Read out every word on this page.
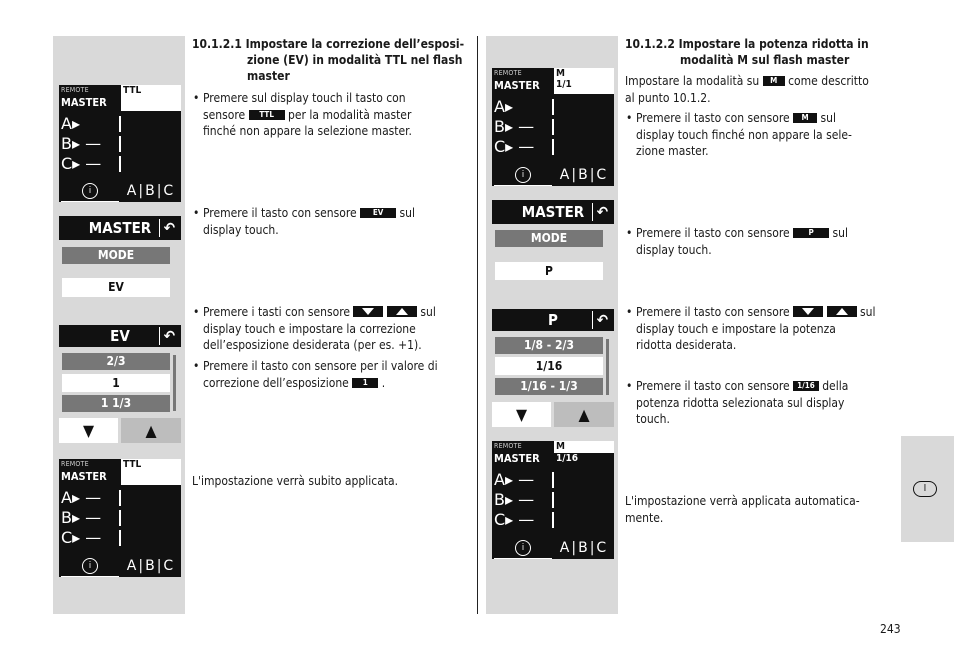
REMOTE
MASTER
TTL
A▸
B▸ —
C▸ —
i	A|B|C
MASTER ↶
MODE
EV
EV	↶
2/3
1
1 1/3
▼	▲
REMOTE
MASTER
TTL
1
A▸ —
B▸ —
C▸ —
i	A|B|C
10.1.2.1 Impostare la correzione dell’esposi-
zione (EV) in modalità TTL nel flash
master
• Premere sul display touch il tasto con
sensore TTL per la modalità master
finché non appare la selezione master.
• Premere il tasto con sensore EV sul
display touch.
• Premere i tasti con sensore
	sul
display touch e impostare la correzione
dell’esposizione desiderata (per es. +1).
• Premere il tasto con sensore per il valore di
correzione dell’esposizione 1 .
L'impostazione verrà subito applicata.
REMOTE
MASTER
M
1/1
A▸
B▸ —
C▸ —
i	A|B|C
MASTER ↶
MODE
P
P	↶
1/8 - 2/3
1/16
1/16 - 1/3
▼	▲
REMOTE
MASTER
M
1/16
A▸ —
B▸ —
C▸ —
i	A|B|C
10.1.2.2 Impostare la potenza ridotta in
modalità M sul flash master
Impostare la modalità su M come descritto
al punto 10.1.2.
• Premere il tasto con sensore M sul
display touch finché non appare la sele-
zione master.
• Premere il tasto con sensore P sul
display touch.
• Premere il tasto con sensore
	sul
display touch e impostare la potenza
ridotta desiderata.
• Premere il tasto con sensore 1/16 della
potenza ridotta selezionata sul display
touch.
L'impostazione verrà applicata automatica-
mente.
I
243
